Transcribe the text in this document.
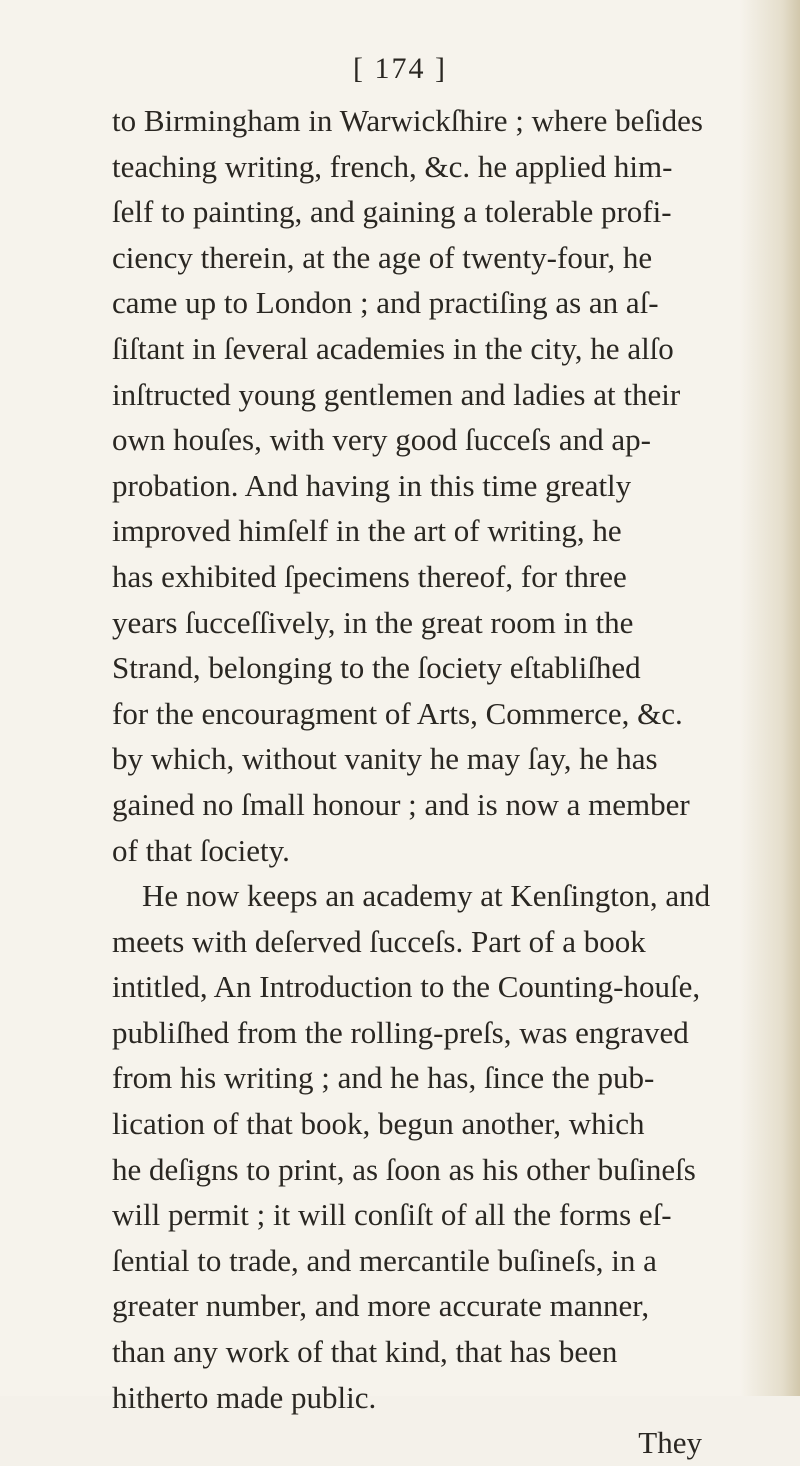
[ 174 ]
to Birmingham in Warwickſhire ; where beſides
teaching writing, french, &c. he applied him-
ſelf to painting, and gaining a tolerable profi-
ciency therein, at the age of twenty-four, he
came up to London ; and practiſing as an aſ-
ſiſtant in ſeveral academies in the city, he alſo
inſtructed young gentlemen and ladies at their
own houſes, with very good ſucceſs and ap-
probation. And having in this time greatly
improved himſelf in the art of writing, he
has exhibited ſpecimens thereof, for three
years ſucceſſively, in the great room in the
Strand, belonging to the ſociety eſtabliſhed
for the encouragment of Arts, Commerce, &c.
by which, without vanity he may ſay, he has
gained no ſmall honour ; and is now a member
of that ſociety.
He now keeps an academy at Kenſington, and
meets with deſerved ſucceſs. Part of a book
intitled, An Introduction to the Counting-houſe,
publiſhed from the rolling-preſs, was engraved
from his writing ; and he has, ſince the pub-
lication of that book, begun another, which
he deſigns to print, as ſoon as his other buſineſs
will permit ; it will conſiſt of all the forms eſ-
ſential to trade, and mercantile buſineſs, in a
greater number, and more accurate manner,
than any work of that kind, that has been
hitherto made public.
They
